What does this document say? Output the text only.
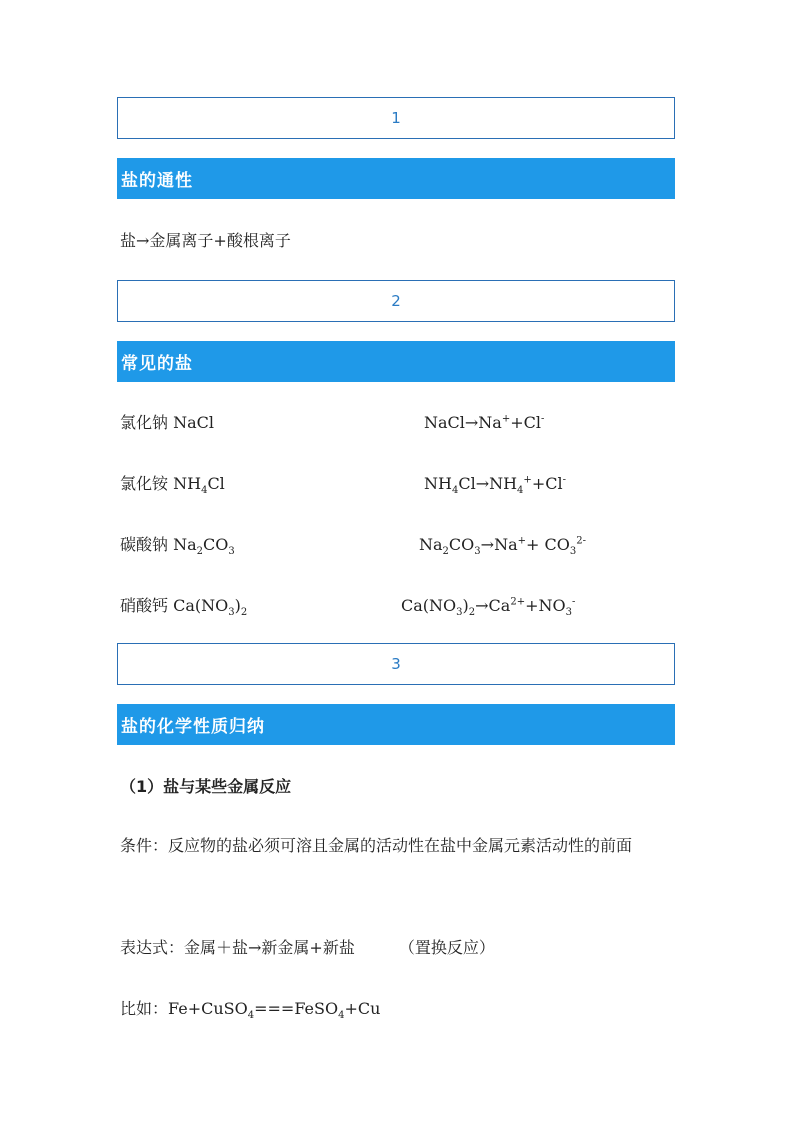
1
盐的通性
盐→金属离子+酸根离子
2
常见的盐
氯化钠 NaCl	NaCl→Na++Cl-
氯化铵 $NH_4Cl$	$NH_4Cl\to NH_4^++Cl^-$
碳酸钠 $Na_2CO_3$	$Na_2CO_3\to Na^++ CO_3^{2-}$
硝酸钙 $Ca(NO_3)_2$	$Ca(NO_3)_2\to Ca^{2+}+NO_3^-$
3
盐的化学性质归纳
（1）盐与某些金属反应
条件：反应物的盐必须可溶且金属的活动性在盐中金属元素活动性的前面
表达式：金属＋盐→新金属+新盐	（置换反应）
比如：Fe+CuSO$_4$===FeSO$_4$+Cu
